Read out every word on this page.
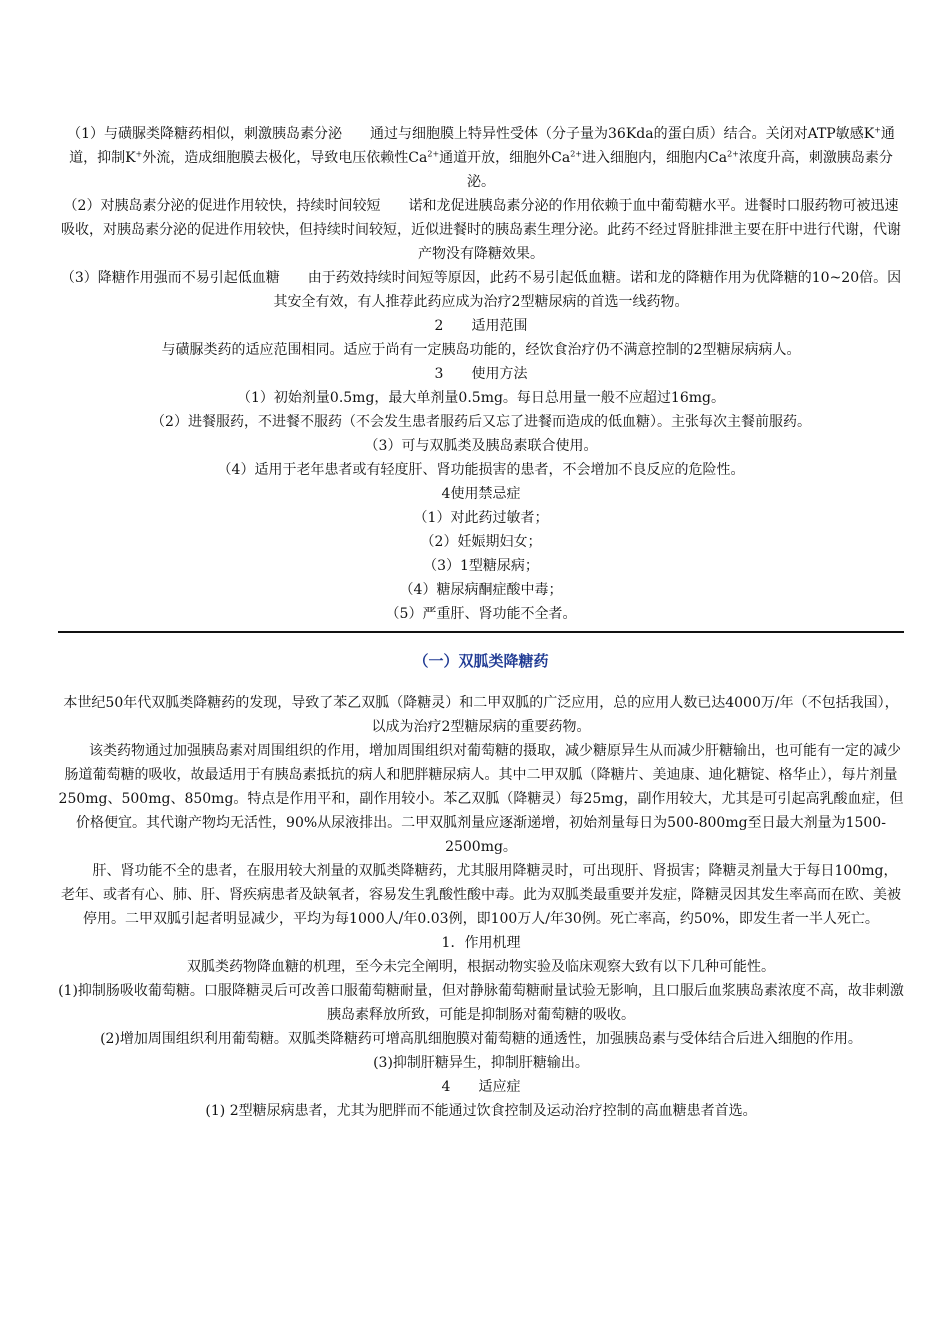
（1）与磺脲类降糖药相似，刺激胰岛素分泌　　通过与细胞膜上特异性受体（分子量为36Kda的蛋白质）结合。关闭对ATP敏感K+通道，抑制K+外流，造成细胞膜去极化，导致电压依赖性$Ca^{2+}$通道开放，细胞外$Ca^{2+}$进入细胞内，细胞内$Ca^{2+}$浓度升高，刺激胰岛素分泌。

（2）对胰岛素分泌的促进作用较快，持续时间较短　　诺和龙促进胰岛素分泌的作用依赖于血中葡萄糖水平。进餐时口服药物可被迅速吸收，对胰岛素分泌的促进作用较快，但持续时间较短，近似进餐时的胰岛素生理分泌。此药不经过肾脏排泄主要在肝中进行代谢，代谢产物没有降糖效果。

（3）降糖作用强而不易引起低血糖　　由于药效持续时间短等原因，此药不易引起低血糖。诺和龙的降糖作用为优降糖的10~20倍。因其安全有效，有人推荐此药应成为治疗2型糖尿病的首选一线药物。

2　　适用范围

与磺脲类药的适应范围相同。适应于尚有一定胰岛功能的，经饮食治疗仍不满意控制的2型糖尿病病人。

3　　使用方法

（1）初始剂量0.5mg，最大单剂量0.5mg。每日总用量一般不应超过16mg。

（2）进餐服药，不进餐不服药（不会发生患者服药后又忘了进餐而造成的低血糖）。主张每次主餐前服药。

（3）可与双胍类及胰岛素联合使用。

（4）适用于老年患者或有轻度肝、肾功能损害的患者，不会增加不良反应的危险性。

4使用禁忌症

（1）对此药过敏者；

（2）妊娠期妇女；

（3）1型糖尿病；

（4）糖尿病酮症酸中毒；

（5）严重肝、肾功能不全者。

（一）双胍类降糖药

本世纪50年代双胍类降糖药的发现，导致了苯乙双胍（降糖灵）和二甲双胍的广泛应用，总的应用人数已达4000万/年（不包括我国），以成为治疗2型糖尿病的重要药物。

该类药物通过加强胰岛素对周围组织的作用，增加周围组织对葡萄糖的摄取，减少糖原异生从而减少肝糖输出，也可能有一定的减少肠道葡萄糖的吸收，故最适用于有胰岛素抵抗的病人和肥胖糖尿病人。其中二甲双胍（降糖片、美迪康、迪化糖锭、格华止），每片剂量250mg、500mg、850mg。特点是作用平和，副作用较小。苯乙双胍（降糖灵）每25mg，副作用较大，尤其是可引起高乳酸血症，但价格便宜。其代谢产物均无活性，90%从尿液排出。二甲双胍剂量应逐渐递增，初始剂量每日为500-800mg至日最大剂量为1500-2500mg。

肝、肾功能不全的患者，在服用较大剂量的双胍类降糖药，尤其服用降糖灵时，可出现肝、肾损害；降糖灵剂量大于每日100mg，老年、或者有心、肺、肝、肾疾病患者及缺氧者，容易发生乳酸性酸中毒。此为双胍类最重要并发症，降糖灵因其发生率高而在欧、美被停用。二甲双胍引起者明显减少，平均为每1000人/年0.03例，即100万人/年30例。死亡率高，约50%，即发生者一半人死亡。

1．作用机理

双胍类药物降血糖的机理，至今未完全阐明，根据动物实验及临床观察大致有以下几种可能性。

(1)抑制肠吸收葡萄糖。口服降糖灵后可改善口服葡萄糖耐量，但对静脉葡萄糖耐量试验无影响，且口服后血浆胰岛素浓度不高，故非刺激胰岛素释放所致，可能是抑制肠对葡萄糖的吸收。

(2)增加周围组织利用葡萄糖。双胍类降糖药可增高肌细胞膜对葡萄糖的通透性，加强胰岛素与受体结合后进入细胞的作用。

(3)抑制肝糖异生，抑制肝糖输出。

4　　适应症

(1) 2型糖尿病患者，尤其为肥胖而不能通过饮食控制及运动治疗控制的高血糖患者首选。
